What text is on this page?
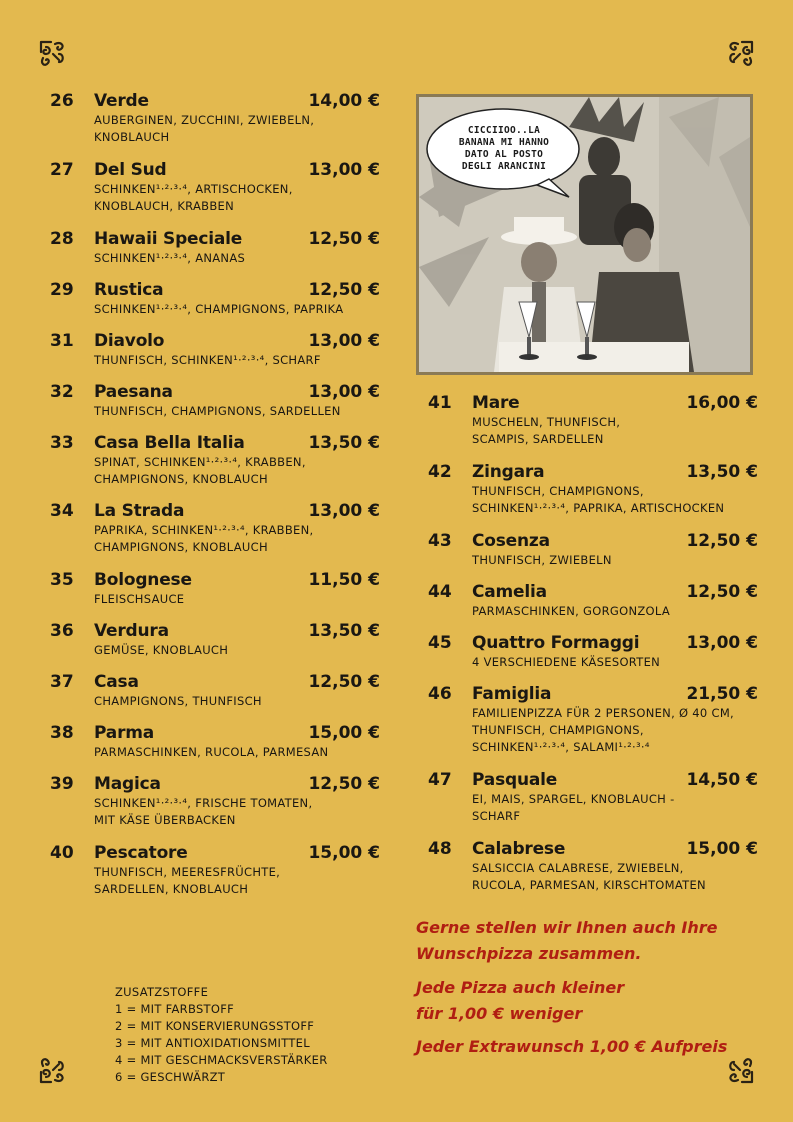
26	Verde	14,00 €
AUBERGINEN, ZUCCHINI, ZWIEBELN,
KNOBLAUCH
27	Del Sud	13,00 €
SCHINKEN¹·²·³·⁴, ARTISCHOCKEN,
KNOBLAUCH, KRABBEN
28	Hawaii Speciale	12,50 €
SCHINKEN¹·²·³·⁴, ANANAS
29	Rustica	12,50 €
SCHINKEN¹·²·³·⁴, CHAMPIGNONS, PAPRIKA
31	Diavolo	13,00 €
THUNFISCH, SCHINKEN¹·²·³·⁴, SCHARF
32	Paesana	13,00 €
THUNFISCH, CHAMPIGNONS, SARDELLEN
33	Casa Bella Italia	13,50 €
SPINAT, SCHINKEN¹·²·³·⁴, KRABBEN,
CHAMPIGNONS, KNOBLAUCH
34	La Strada	13,00 €
PAPRIKA, SCHINKEN¹·²·³·⁴, KRABBEN,
CHAMPIGNONS, KNOBLAUCH
35	Bolognese	11,50 €
FLEISCHSAUCE
36	Verdura	13,50 €
GEMÜSE, KNOBLAUCH
37	Casa	12,50 €
CHAMPIGNONS, THUNFISCH
38	Parma	15,00 €
PARMASCHINKEN, RUCOLA, PARMESAN
39	Magica	12,50 €
SCHINKEN¹·²·³·⁴, FRISCHE TOMATEN,
MIT KÄSE ÜBERBACKEN
40	Pescatore	15,00 €
THUNFISCH, MEERESFRÜCHTE,
SARDELLEN, KNOBLAUCH
CICCIIOO..LA
BANANA MI HANNO
DATO AL POSTO
DEGLI ARANCINI
41	Mare	16,00 €
MUSCHELN, THUNFISCH,
SCAMPIS, SARDELLEN
42	Zingara	13,50 €
THUNFISCH, CHAMPIGNONS,
SCHINKEN¹·²·³·⁴, PAPRIKA, ARTISCHOCKEN
43	Cosenza	12,50 €
THUNFISCH, ZWIEBELN
44	Camelia	12,50 €
PARMASCHINKEN, GORGONZOLA
45	Quattro Formaggi	13,00 €
4 VERSCHIEDENE KÄSESORTEN
46	Famiglia	21,50 €
FAMILIENPIZZA FÜR 2 PERSONEN, Ø 40 CM,
THUNFISCH, CHAMPIGNONS,
SCHINKEN¹·²·³·⁴, SALAMI¹·²·³·⁴
47	Pasquale	14,50 €
EI, MAIS, SPARGEL, KNOBLAUCH -
SCHARF
48	Calabrese	15,00 €
SALSICCIA CALABRESE, ZWIEBELN,
RUCOLA, PARMESAN, KIRSCHTOMATEN
Gerne stellen wir Ihnen auch Ihre
Wunschpizza zusammen.
Jede Pizza auch kleiner
für 1,00 € weniger
Jeder Extrawunsch 1,00 € Aufpreis
ZUSATZSTOFFE
1 = MIT FARBSTOFF
2 = MIT KONSERVIERUNGSSTOFF
3 = MIT ANTIOXIDATIONSMITTEL
4 = MIT GESCHMACKSVERSTÄRKER
6 = GESCHWÄRZT
